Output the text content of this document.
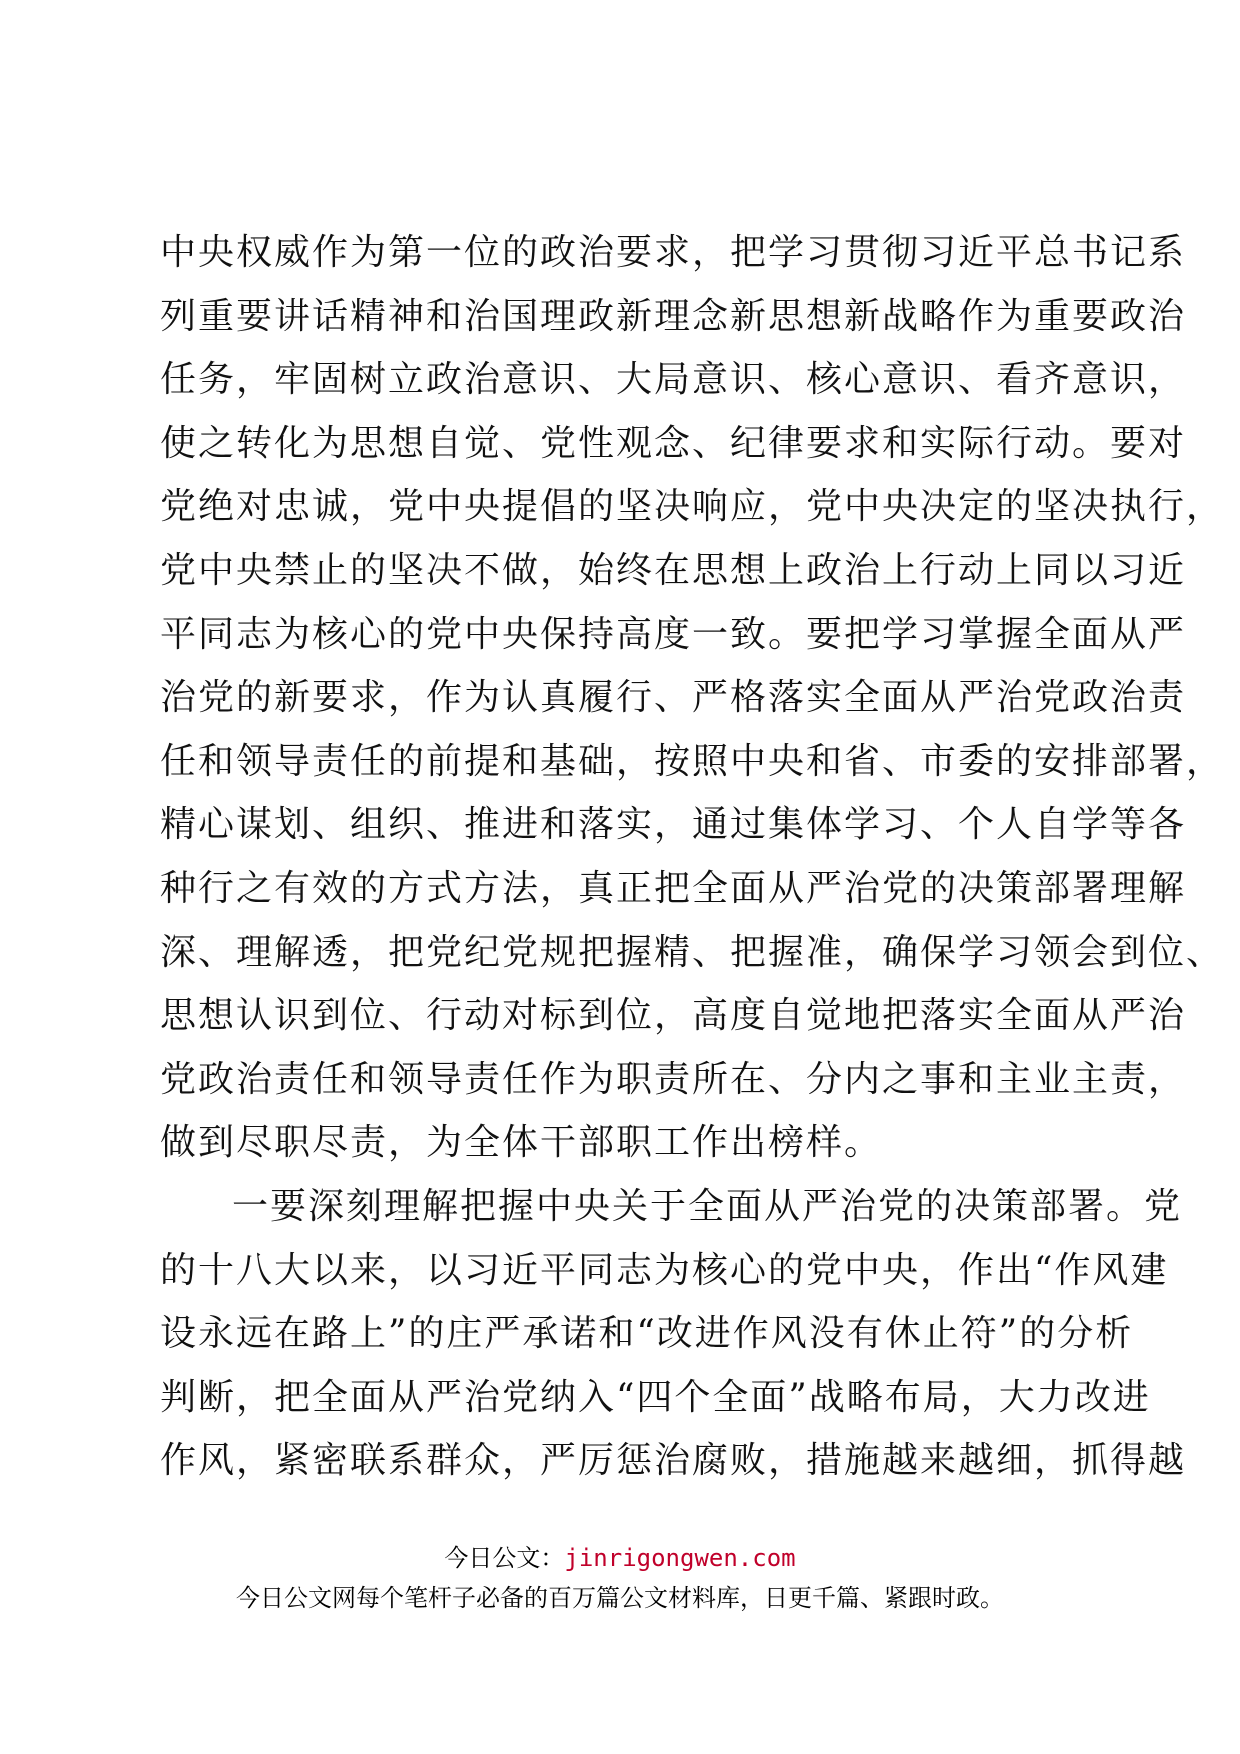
中央权威作为第一位的政治要求，把学习贯彻习近平总书记系
列重要讲话精神和治国理政新理念新思想新战略作为重要政治
任务，牢固树立政治意识、大局意识、核心意识、看齐意识，
使之转化为思想自觉、党性观念、纪律要求和实际行动。要对
党绝对忠诚，党中央提倡的坚决响应，党中央决定的坚决执行，
党中央禁止的坚决不做，始终在思想上政治上行动上同以习近
平同志为核心的党中央保持高度一致。要把学习掌握全面从严
治党的新要求，作为认真履行、严格落实全面从严治党政治责
任和领导责任的前提和基础，按照中央和省、市委的安排部署，
精心谋划、组织、推进和落实，通过集体学习、个人自学等各
种行之有效的方式方法，真正把全面从严治党的决策部署理解
深、理解透，把党纪党规把握精、把握准，确保学习领会到位、
思想认识到位、行动对标到位，高度自觉地把落实全面从严治
党政治责任和领导责任作为职责所在、分内之事和主业主责，
做到尽职尽责，为全体干部职工作出榜样。
一要深刻理解把握中央关于全面从严治党的决策部署。党
的十八大以来，以习近平同志为核心的党中央，作出“作风建
设永远在路上”的庄严承诺和“改进作风没有休止符”的分析
判断，把全面从严治党纳入“四个全面”战略布局，大力改进
作风，紧密联系群众，严厉惩治腐败，措施越来越细，抓得越
今日公文：jinrigongwen.com
今日公文网每个笔杆子必备的百万篇公文材料库，日更千篇、紧跟时政。
